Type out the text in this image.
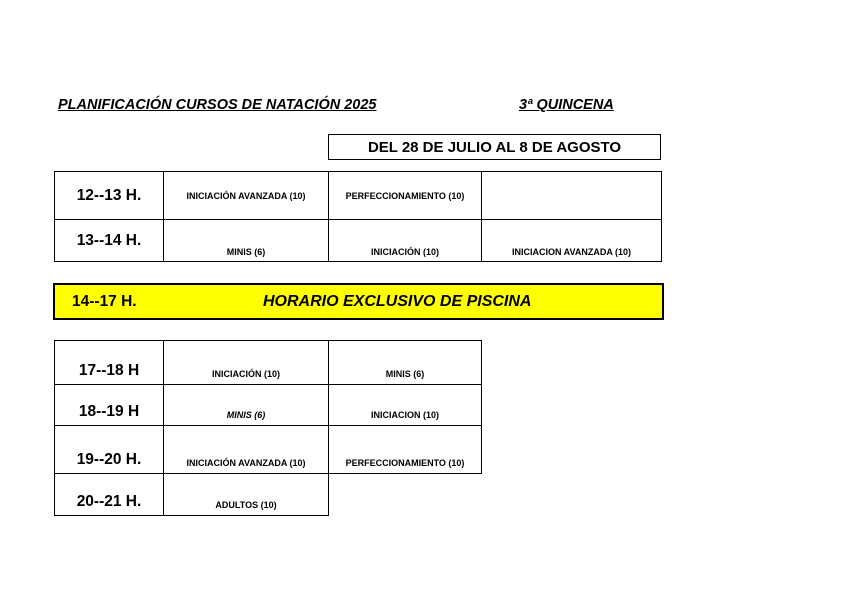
PLANIFICACIÓN CURSOS DE NATACIÓN 2025	3ª QUINCENA
DEL 28 DE JULIO AL 8 DE AGOSTO
12--13 H.	INICIACIÓN AVANZADA (10)	PERFECCIONAMIENTO (10)	
13--14 H.	MINIS (6)	INICIACIÓN (10)	INICIACION AVANZADA (10)
14--17 H.	HORARIO EXCLUSIVO DE PISCINA
17--18 H	INICIACIÓN (10)	MINIS (6)
18--19 H	MINIS (6)	INICIACION (10)
19--20 H.	INICIACIÓN AVANZADA (10)	PERFECCIONAMIENTO (10)
20--21 H.	ADULTOS (10)	
